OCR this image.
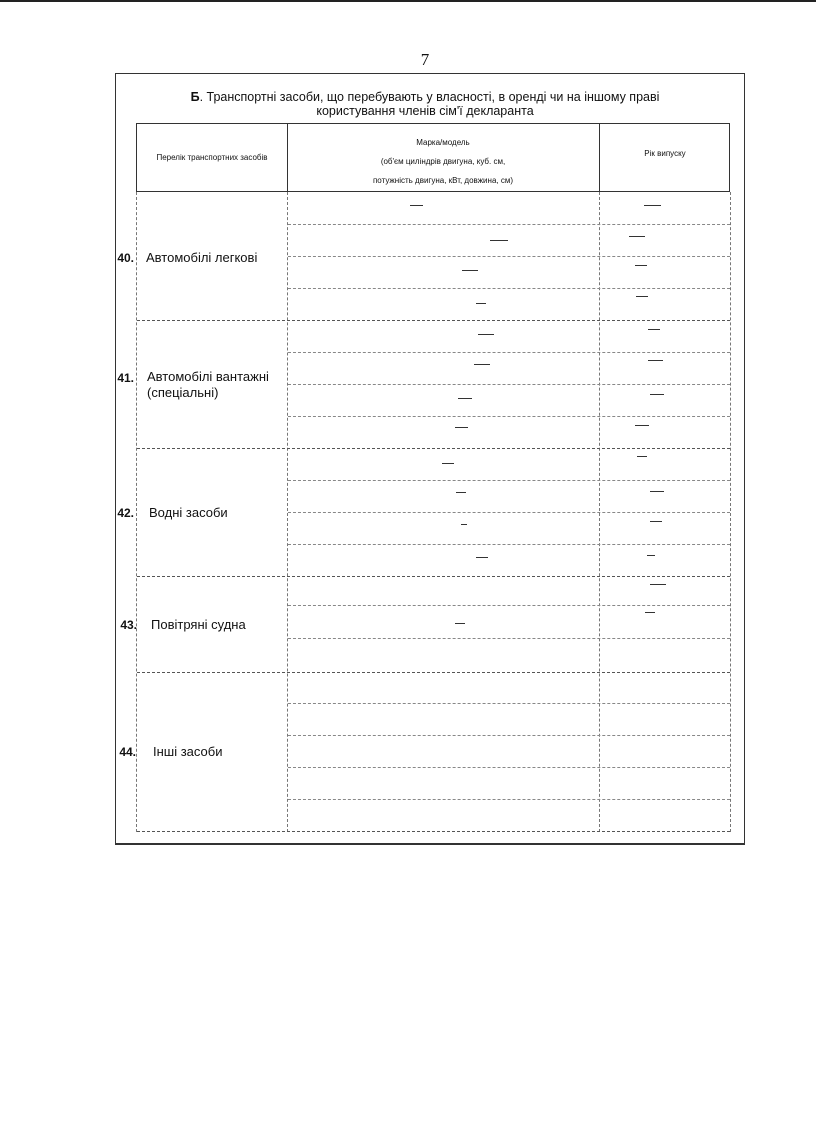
7
Б. Транспортні засоби, що перебувають у власності, в оренді чи на іншому праві
користування членів сім'ї декларанта
Перелік транспортних засобів
Марка/модель
(об'єм циліндрів двигуна, куб. см,
потужність двигуна, кВт, довжина, см)
Рік випуску
40. Автомобілі легкові
41. Автомобілі вантажні
(спеціальні)
42. Водні засоби
43. Повітряні судна
44. Інші засоби
